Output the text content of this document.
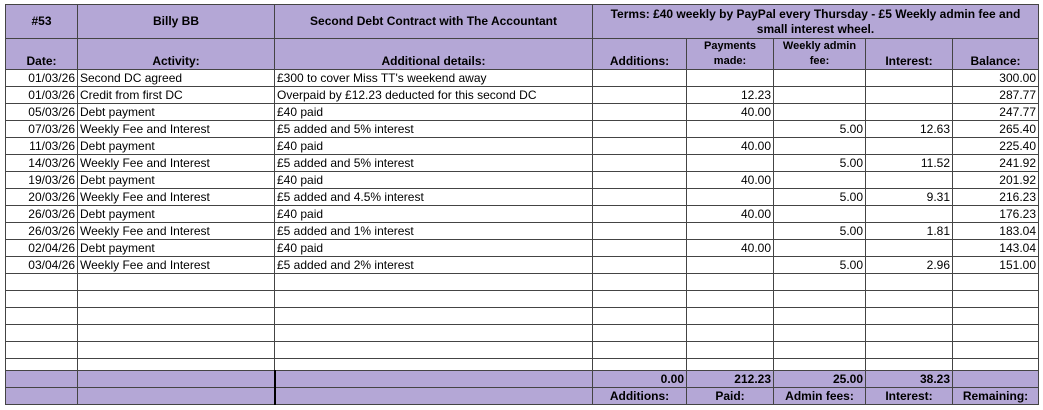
#53	Billy BB	Second Debt Contract with The Accountant	Terms: £40 weekly by PayPal every Thursday - £5 Weekly admin fee and small interest wheel.				
Date:	Activity:	Additional details:	Additions:	Payments made:	Weekly admin fee:	Interest:	Balance:
01/03/26	Second DC agreed	£300 to cover Miss TT's weekend away					300.00
01/03/26	Credit from first DC	Overpaid by £12.23 deducted for this second DC		12.23			287.77
05/03/26	Debt payment	£40 paid		40.00			247.77
07/03/26	Weekly Fee and Interest	£5 added and 5% interest			5.00	12.63	265.40
11/03/26	Debt payment	£40 paid		40.00			225.40
14/03/26	Weekly Fee and Interest	£5 added and 5% interest			5.00	11.52	241.92
19/03/26	Debt payment	£40 paid		40.00			201.92
20/03/26	Weekly Fee and Interest	£5 added and 4.5% interest			5.00	9.31	216.23
26/03/26	Debt payment	£40 paid		40.00			176.23
26/03/26	Weekly Fee and Interest	£5 added and 1% interest			5.00	1.81	183.04
02/04/26	Debt payment	£40 paid		40.00			143.04
03/04/26	Weekly Fee and Interest	£5 added and 2% interest			5.00	2.96	151.00

			0.00	212.23	25.00	38.23	
			Additions:	Paid:	Admin fees:	Interest:	Remaining:
